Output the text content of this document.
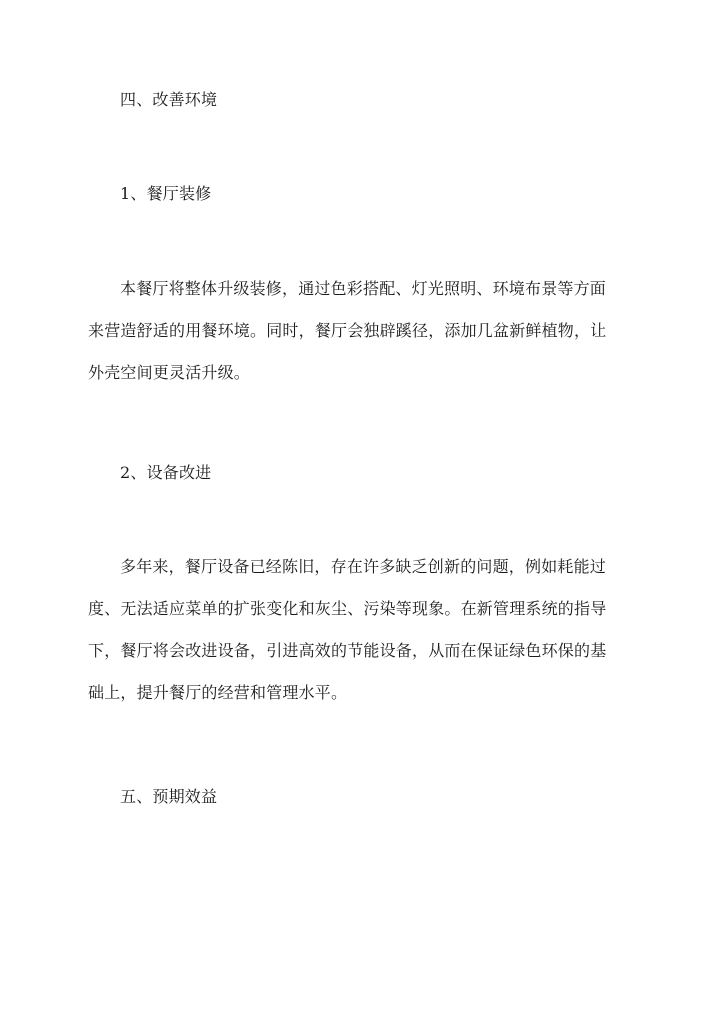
四、改善环境
1、餐厅装修
本餐厅将整体升级装修，通过色彩搭配、灯光照明、环境布景等方面
来营造舒适的用餐环境。同时，餐厅会独辟蹊径，添加几盆新鲜植物，让
外壳空间更灵活升级。
2、设备改进
多年来，餐厅设备已经陈旧，存在许多缺乏创新的问题，例如耗能过
度、无法适应菜单的扩张变化和灰尘、污染等现象。在新管理系统的指导
下，餐厅将会改进设备，引进高效的节能设备，从而在保证绿色环保的基
础上，提升餐厅的经营和管理水平。
五、预期效益
